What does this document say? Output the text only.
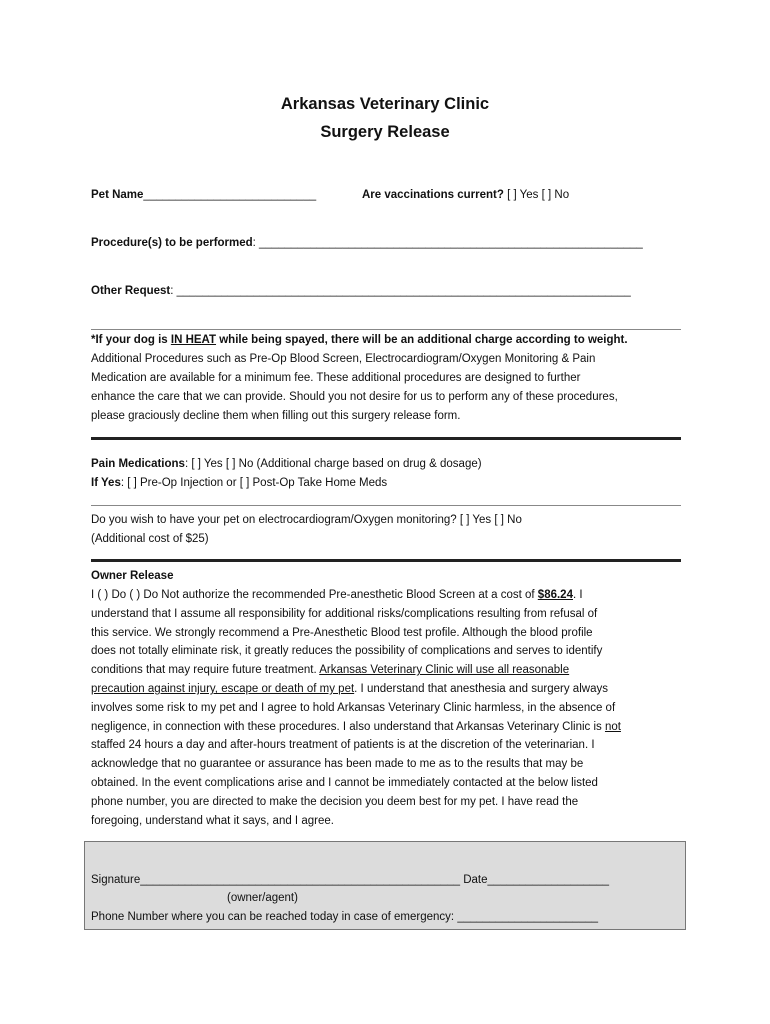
Arkansas Veterinary Clinic
Surgery Release
Pet Name___________________________	Are vaccinations current? [ ] Yes [ ] No
Procedure(s) to be performed: ____________________________________________________________
Other Request: _______________________________________________________________________
*If your dog is IN HEAT while being spayed, there will be an additional charge according to weight.
Additional Procedures such as Pre-Op Blood Screen, Electrocardiogram/Oxygen Monitoring & Pain
Medication are available for a minimum fee. These additional procedures are designed to further
enhance the care that we can provide. Should you not desire for us to perform any of these procedures,
please graciously decline them when filling out this surgery release form.
Pain Medications: [ ] Yes [ ] No (Additional charge based on drug & dosage)
If Yes: [ ] Pre-Op Injection or [ ] Post-Op Take Home Meds
Do you wish to have your pet on electrocardiogram/Oxygen monitoring? [ ] Yes [ ] No
(Additional cost of $25)
Owner Release
I ( ) Do ( ) Do Not authorize the recommended Pre-anesthetic Blood Screen at a cost of $86.24. I
understand that I assume all responsibility for additional risks/complications resulting from refusal of
this service. We strongly recommend a Pre-Anesthetic Blood test profile. Although the blood profile
does not totally eliminate risk, it greatly reduces the possibility of complications and serves to identify
conditions that may require future treatment. Arkansas Veterinary Clinic will use all reasonable
precaution against injury, escape or death of my pet. I understand that anesthesia and surgery always
involves some risk to my pet and I agree to hold Arkansas Veterinary Clinic harmless, in the absence of
negligence, in connection with these procedures. I also understand that Arkansas Veterinary Clinic is not
staffed 24 hours a day and after-hours treatment of patients is at the discretion of the veterinarian. I
acknowledge that no guarantee or assurance has been made to me as to the results that may be
obtained. In the event complications arise and I cannot be immediately contacted at the below listed
phone number, you are directed to make the decision you deem best for my pet. I have read the
foregoing, understand what it says, and I agree.
Signature__________________________________________________ Date___________________
(owner/agent)
Phone Number where you can be reached today in case of emergency: ______________________
